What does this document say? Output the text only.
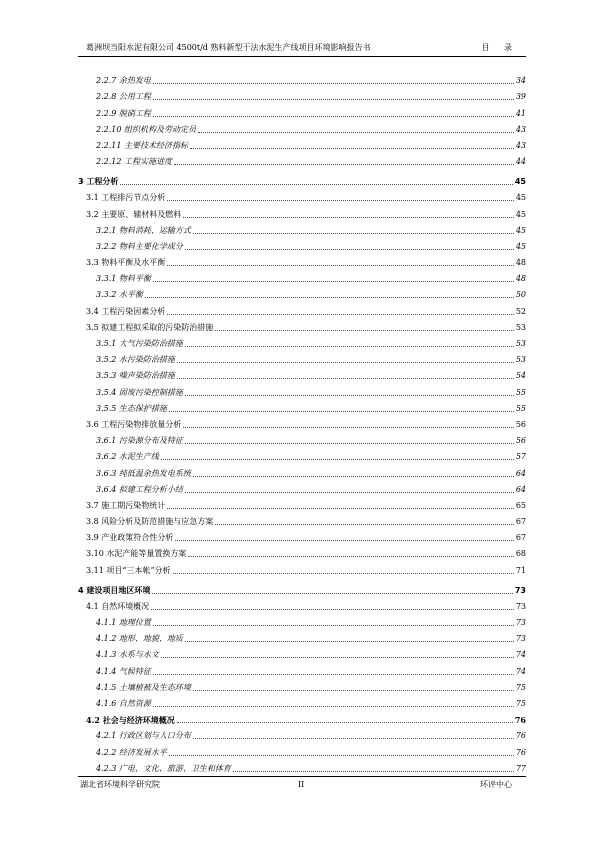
葛洲坝当阳水泥有限公司 4500t/d 熟料新型干法水泥生产线项目环境影响报告书	目 录
2.2.7 余热发电	34
2.2.8 公用工程	39
2.2.9 脱硝工程	41
2.2.10 组织机构及劳动定员	43
2.2.11 主要技术经济指标	43
2.2.12 工程实施进度	44
3 工程分析	45
3.1 工程排污节点分析	45
3.2 主要原、辅材料及燃料	45
3.2.1 物料消耗、运输方式	45
3.2.2 物料主要化学成分	45
3.3 物料平衡及水平衡	48
3.3.1 物料平衡	48
3.3.2 水平衡	50
3.4 工程污染因素分析	52
3.5 拟建工程拟采取的污染防治措施	53
3.5.1 大气污染防治措施	53
3.5.2 水污染防治措施	53
3.5.3 噪声染防治措施	54
3.5.4 固废污染控制措施	55
3.5.5 生态保护措施	55
3.6 工程污染物排放量分析	56
3.6.1 污染源分布及特征	56
3.6.2 水泥生产线	57
3.6.3 纯低温余热发电系统	64
3.6.4 拟建工程分析小结	64
3.7 施工期污染物统计	65
3.8 风险分析及防范措施与应急方案	67
3.9 产业政策符合性分析	67
3.10 水泥产能等量置换方案	68
3.11 项目“三本帐”分析	71
4 建设项目地区环境	73
4.1 自然环境概况	73
4.1.1 地理位置	73
4.1.2 地形、地貌、地质	73
4.1.3 水系与水文	74
4.1.4 气候特征	74
4.1.5 土壤植被及生态环境	75
4.1.6 自然资源	75
4.2 社会与经济环境概况	76
4.2.1 行政区划与人口分布	76
4.2.2 经济发展水平	76
4.2.3 广电、文化、旅游、卫生和体育	77
湖北省环境科学研究院	II	环评中心
